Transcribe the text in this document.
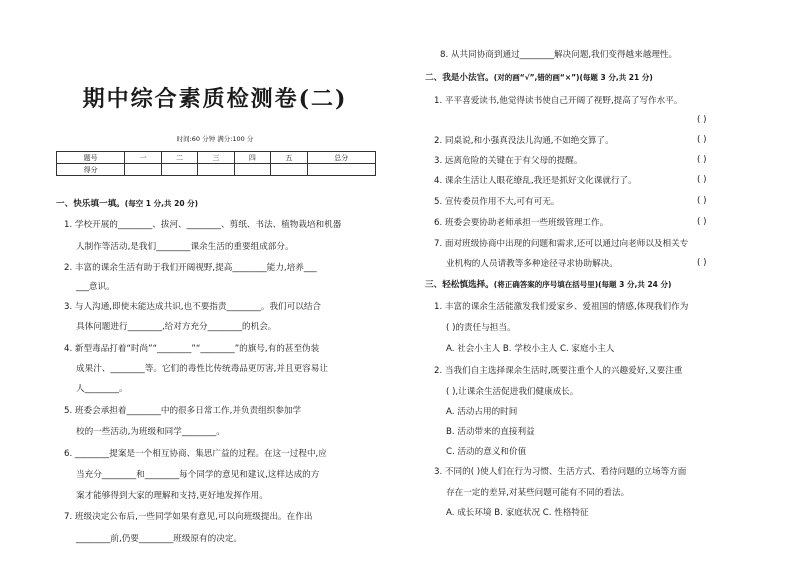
期中综合素质检测卷(二)
时间:60 分钟 满分:100 分
题号	一	二	三	四	五	总分
得分						
一、快乐填一填。(每空 1 分,共 20 分)
1. 学校开展的________、拔河、________、剪纸、书法、植物栽培和机器
人制作等活动,是我们________课余生活的重要组成部分。
2. 丰富的课余生活有助于我们开阔视野,提高________能力,培养___
___意识。
3. 与人沟通,即使未能达成共识,也不要指责________。我们可以结合
具体问题进行________,给对方充分________的机会。
4. 新型毒品打着“时尚”“________”“________”的旗号,有的甚至伪装
成果汁、________等。它们的毒性比传统毒品更厉害,并且更容易让
人________。
5. 班委会承担着________中的很多日常工作,并负责组织参加学
校的一些活动,为班级和同学________。
6. ________提案是一个相互协商、集思广益的过程。在这一过程中,应
当充分________和________每个同学的意见和建议,这样达成的方
案才能够得到大家的理解和支持,更好地发挥作用。
7. 班级决定公布后,一些同学如果有意见,可以向班级提出。在作出
________前,仍要________班级原有的决定。
8. 从共同协商到通过________解决问题,我们变得越来越理性。
二、我是小法官。(对的画“√”,错的画“×”)(每题 3 分,共 21 分)
1. 平平喜爱读书,他觉得读书使自己开阔了视野,提高了写作水平。
2. 同桌说,和小强真没法儿沟通,不如绝交算了。
3. 远离危险的关键在于有父母的提醒。
4. 课余生活让人眼花缭乱,我还是抓好文化课就行了。
5. 宣传委员作用不大,可有可无。
6. 班委会要协助老师承担一些班级管理工作。
7. 面对班级协商中出现的问题和需求,还可以通过向老师以及相关专
业机构的人员请教等多种途径寻求协助解决。
三、轻松慎选择。(将正确答案的序号填在括号里)(每题 3 分,共 24 分)
1. 丰富的课余生活能激发我们爱家乡、爱祖国的情感,体现我们作为
( )的责任与担当。
A. 社会小主人 B. 学校小主人 C. 家庭小主人
2. 当我们自主选择课余生活时,既要注重个人的兴趣爱好,又要注重
( ),让课余生活促进我们健康成长。
A. 活动占用的时间
B. 活动带来的直接利益
C. 活动的意义和价值
3. 不同的( )使人们在行为习惯、生活方式、看待问题的立场等方面
存在一定的差异,对某些问题可能有不同的看法。
A. 成长环境 B. 家庭状况 C. 性格特征
( )
( )
( )
( )
( )
( )
( )
